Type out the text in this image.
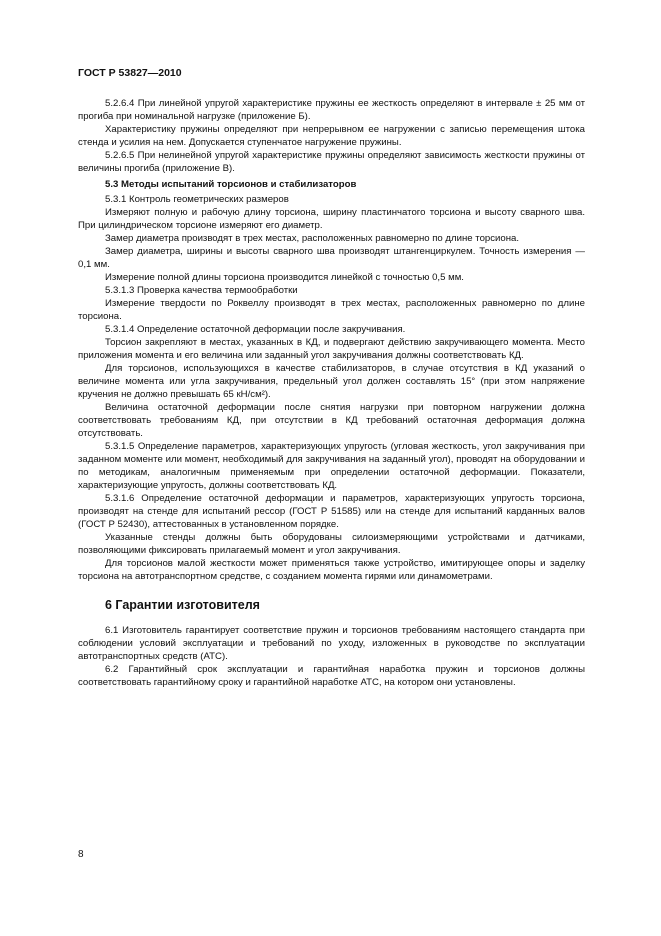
ГОСТ Р 53827—2010

5.2.6.4 При линейной упругой характеристике пружины ее жесткость определяют в интервале ± 25 мм от прогиба при номинальной нагрузке (приложение Б).

Характеристику пружины определяют при непрерывном ее нагружении с записью перемещения штока стенда и усилия на нем. Допускается ступенчатое нагружение пружины.

5.2.6.5 При нелинейной упругой характеристике пружины определяют зависимость жесткости пружины от величины прогиба (приложение В).

5.3 Методы испытаний торсионов и стабилизаторов

5.3.1 Контроль геометрических размеров

Измеряют полную и рабочую длину торсиона, ширину пластинчатого торсиона и высоту сварного шва. При цилиндрическом торсионе измеряют его диаметр.

Замер диаметра производят в трех местах, расположенных равномерно по длине торсиона.

Замер диаметра, ширины и высоты сварного шва производят штангенциркулем. Точность измерения — 0,1 мм.

Измерение полной длины торсиона производится линейкой с точностью 0,5 мм.

5.3.1.3 Проверка качества термообработки

Измерение твердости по Роквеллу производят в трех местах, расположенных равномерно по длине торсиона.

5.3.1.4 Определение остаточной деформации после закручивания.

Торсион закрепляют в местах, указанных в КД, и подвергают действию закручивающего момента. Место приложения момента и его величина или заданный угол закручивания должны соответствовать КД.

Для торсионов, использующихся в качестве стабилизаторов, в случае отсутствия в КД указаний о величине момента или угла закручивания, предельный угол должен составлять 15° (при этом напряжение кручения не должно превышать 65 кН/см²).

Величина остаточной деформации после снятия нагрузки при повторном нагружении должна соответствовать требованиям КД, при отсутствии в КД требований остаточная деформация должна отсутствовать.

5.3.1.5 Определение параметров, характеризующих упругость (угловая жесткость, угол закручивания при заданном моменте или момент, необходимый для закручивания на заданный угол), проводят на оборудовании и по методикам, аналогичным применяемым при определении остаточной деформации. Показатели, характеризующие упругость, должны соответствовать КД.

5.3.1.6 Определение остаточной деформации и параметров, характеризующих упругость торсиона, производят на стенде для испытаний рессор (ГОСТ Р 51585) или на стенде для испытаний карданных валов (ГОСТ Р 52430), аттестованных в установленном порядке.

Указанные стенды должны быть оборудованы силоизмеряющими устройствами и датчиками, позволяющими фиксировать прилагаемый момент и угол закручивания.

Для торсионов малой жесткости может применяться также устройство, имитирующее опоры и заделку торсиона на автотранспортном средстве, с созданием момента гирями или динамометрами.

6 Гарантии изготовителя

6.1 Изготовитель гарантирует соответствие пружин и торсионов требованиям настоящего стандарта при соблюдении условий эксплуатации и требований по уходу, изложенных в руководстве по эксплуатации автотранспортных средств (АТС).

6.2 Гарантийный срок эксплуатации и гарантийная наработка пружин и торсионов должны соответствовать гарантийному сроку и гарантийной наработке АТС, на котором они установлены.

8
